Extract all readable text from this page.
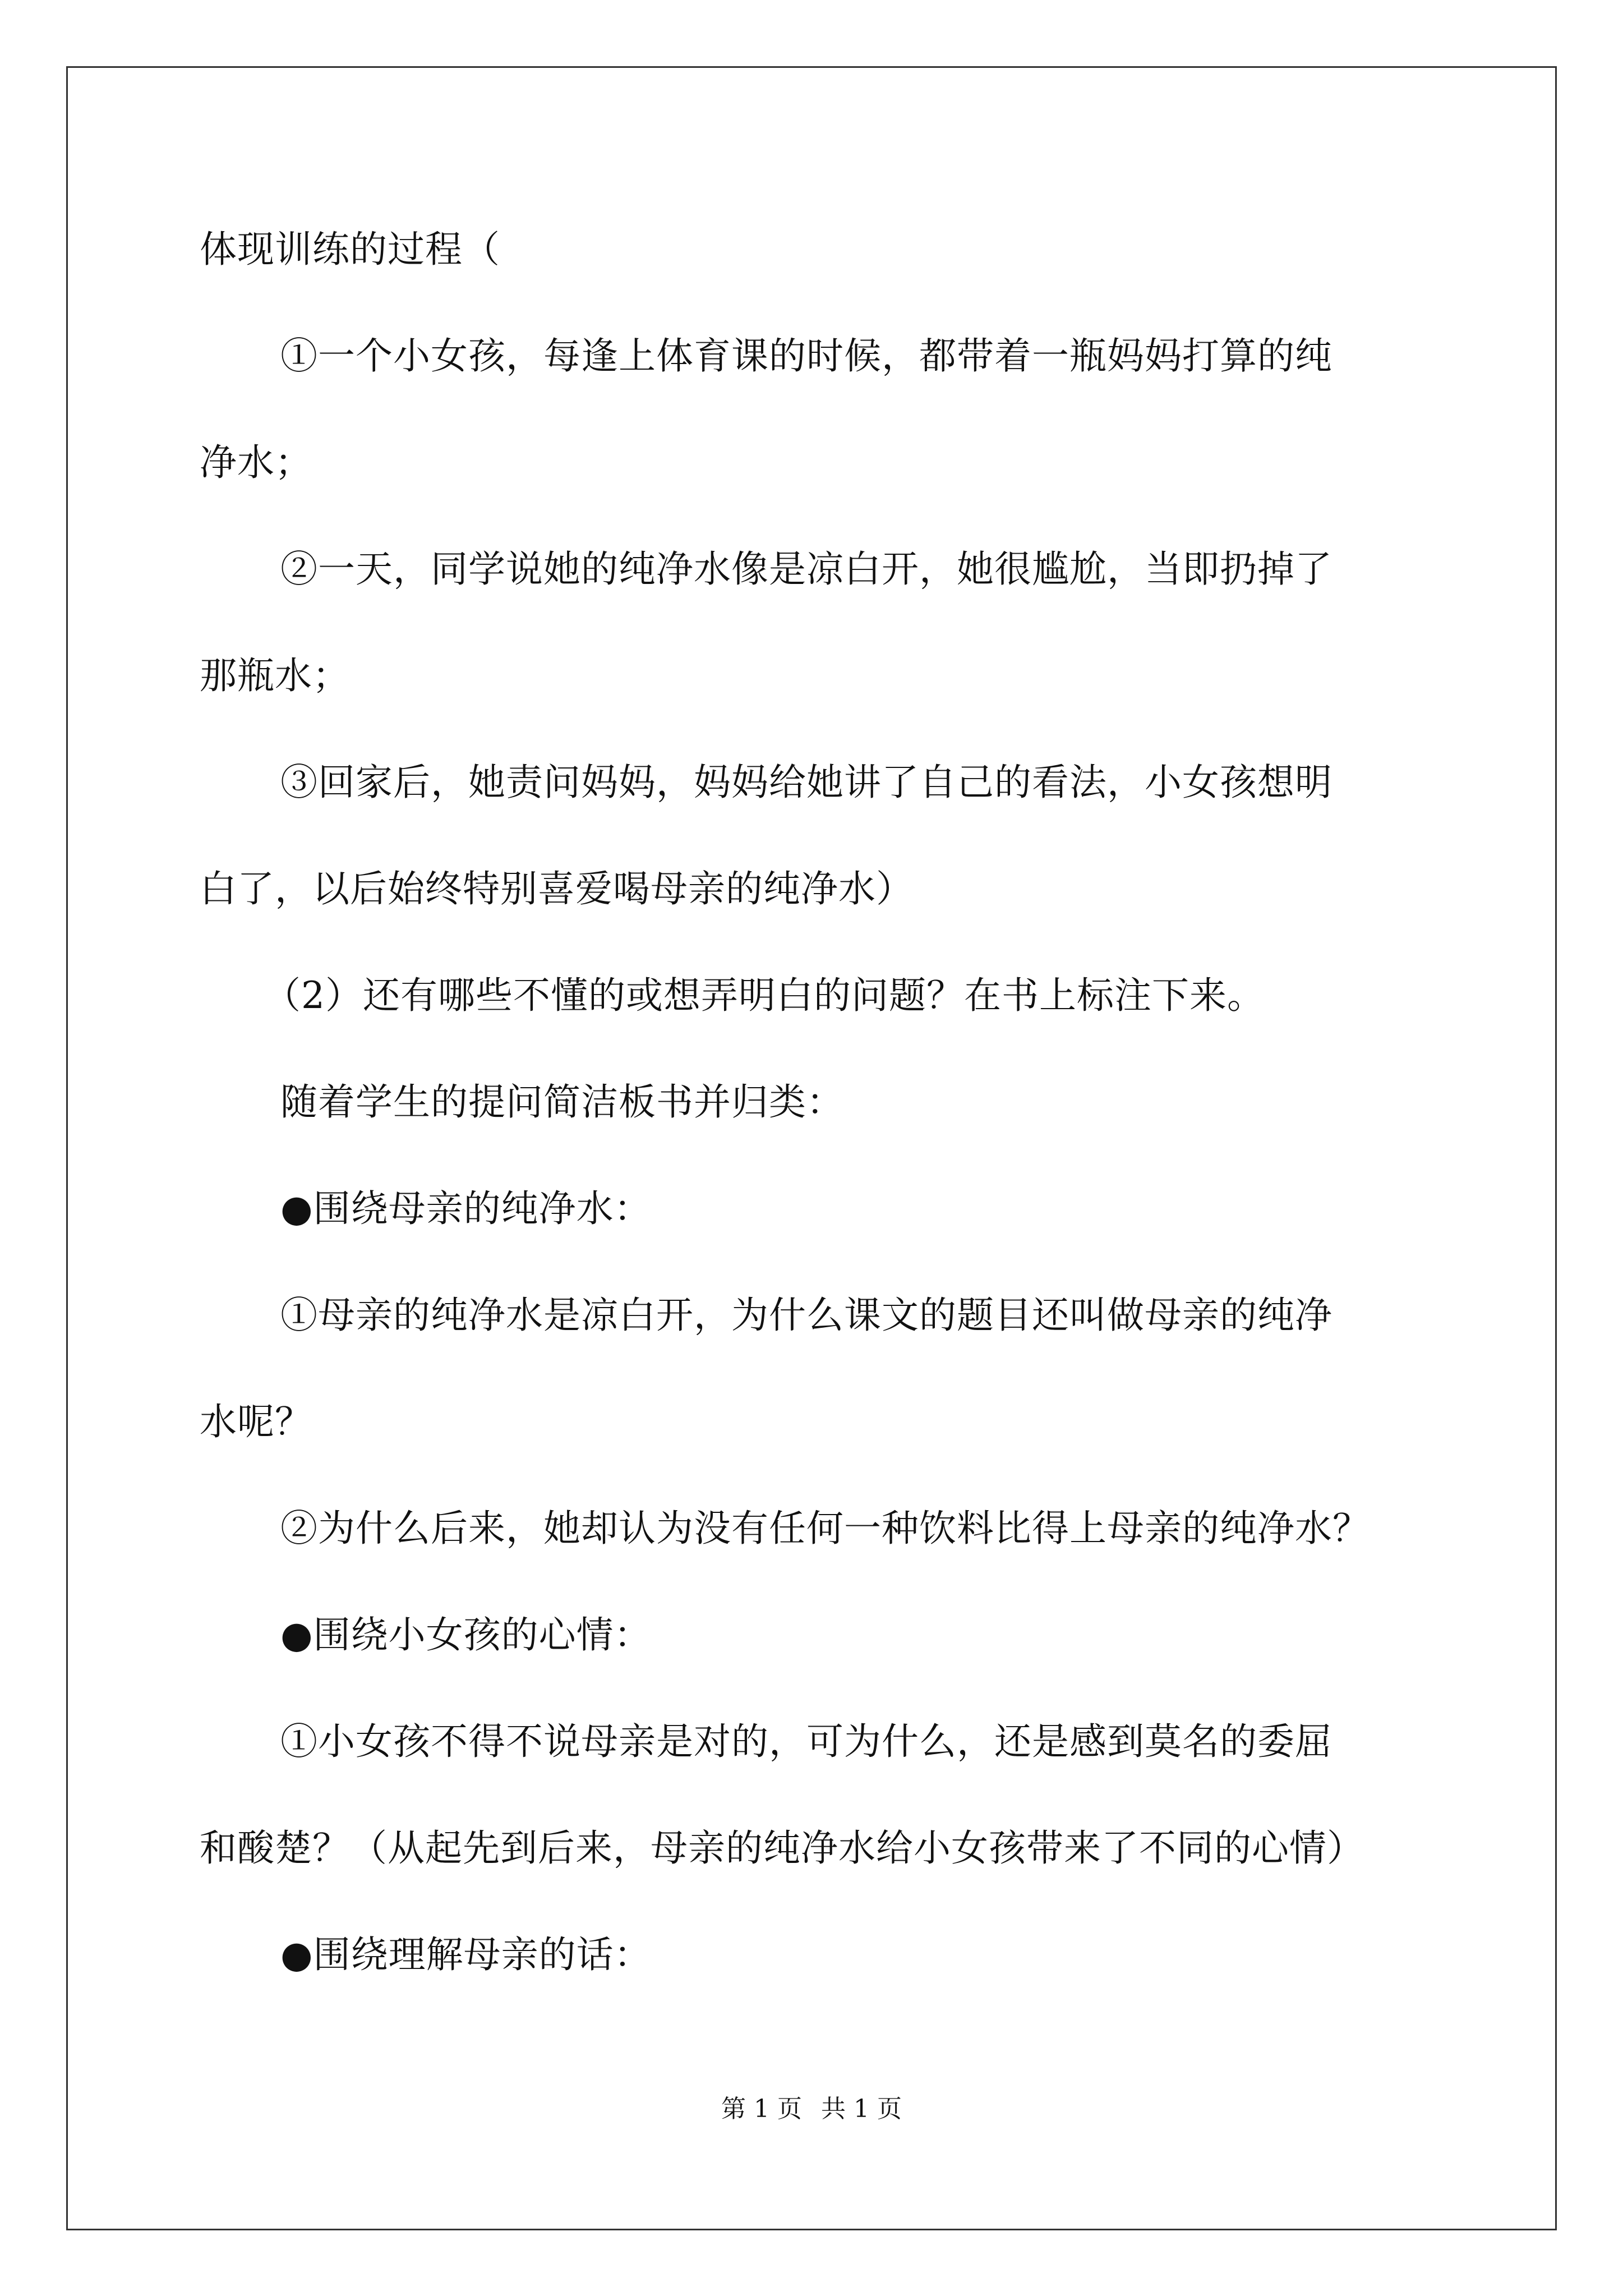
体现训练的过程（
①一个小女孩，每逢上体育课的时候，都带着一瓶妈妈打算的纯
净水；
②一天，同学说她的纯净水像是凉白开，她很尴尬，当即扔掉了
那瓶水；
③回家后，她责问妈妈，妈妈给她讲了自己的看法，小女孩想明
白了，以后始终特别喜爱喝母亲的纯净水）
（2）还有哪些不懂的或想弄明白的问题？在书上标注下来。
随着学生的提问简洁板书并归类：
●围绕母亲的纯净水：
①母亲的纯净水是凉白开，为什么课文的题目还叫做母亲的纯净
水呢？
②为什么后来，她却认为没有任何一种饮料比得上母亲的纯净水？
●围绕小女孩的心情：
①小女孩不得不说母亲是对的，可为什么，还是感到莫名的委屈
和酸楚？（从起先到后来，母亲的纯净水给小女孩带来了不同的心情）
●围绕理解母亲的话：
第 1 页 共 1 页
